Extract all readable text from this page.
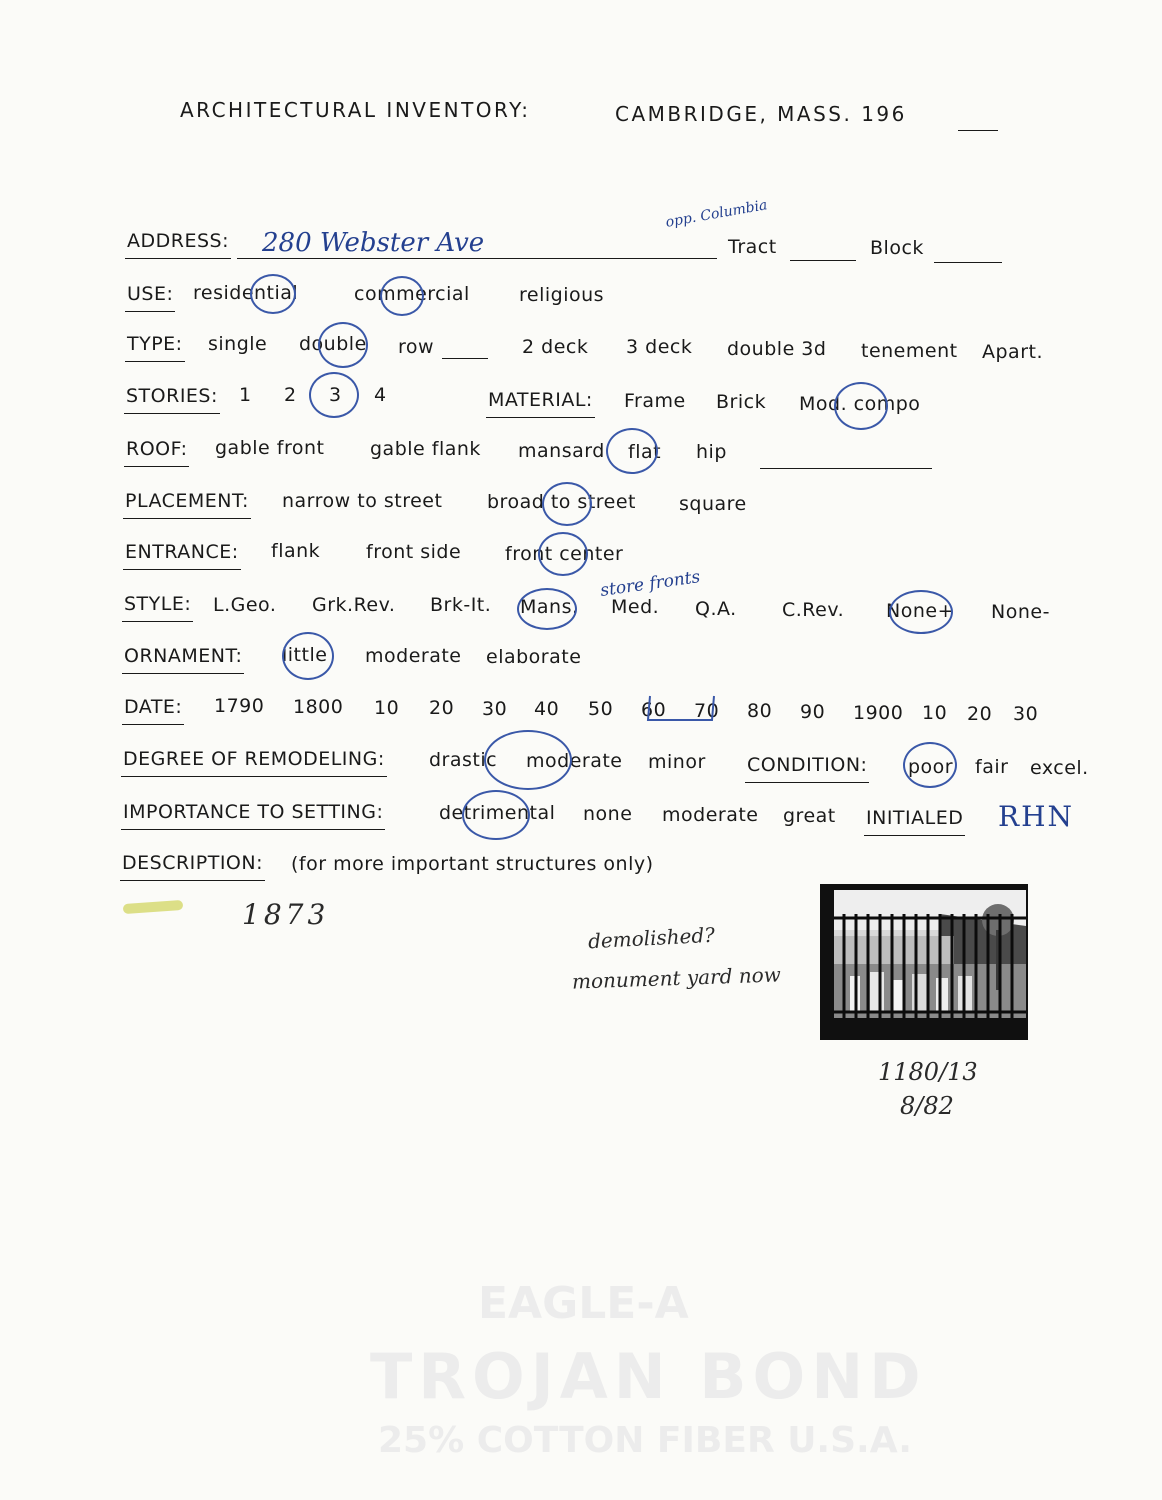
EAGLE-A
TROJAN BOND
25% COTTON FIBER U.S.A.
ARCHITECTURAL INVENTORY:	CAMBRIDGE, MASS. 196
ADDRESS: 280 Webster Ave
opp. Columbia
Tract	Block
USE: residential	commercial	religious
TYPE: single double row	2 deck 3 deck double 3d tenement Apart.
STORIES: 1 2 3 4	MATERIAL: Frame Brick Mod. compo
ROOF: gable front gable flank mansard flat hip
PLACEMENT: narrow to street broad to street square
ENTRANCE: flank front side front center
STYLE: L.Geo. Grk.Rev. Brk-It. Mans. Med. Q.A. C.Rev. None+ None-
store fronts
ORNAMENT: little moderate elaborate
DATE: 1790 1800 10 20 30 40 50 60 70 80 90 1900 10 20 30
DEGREE OF REMODELING: drastic moderate minor CONDITION: poor fair excel.
IMPORTANCE TO SETTING:	detrimental none moderate great INITIALED RHN
DESCRIPTION: (for more important structures only)
1873
demolished?
monument yard now
1180/13
8/82
